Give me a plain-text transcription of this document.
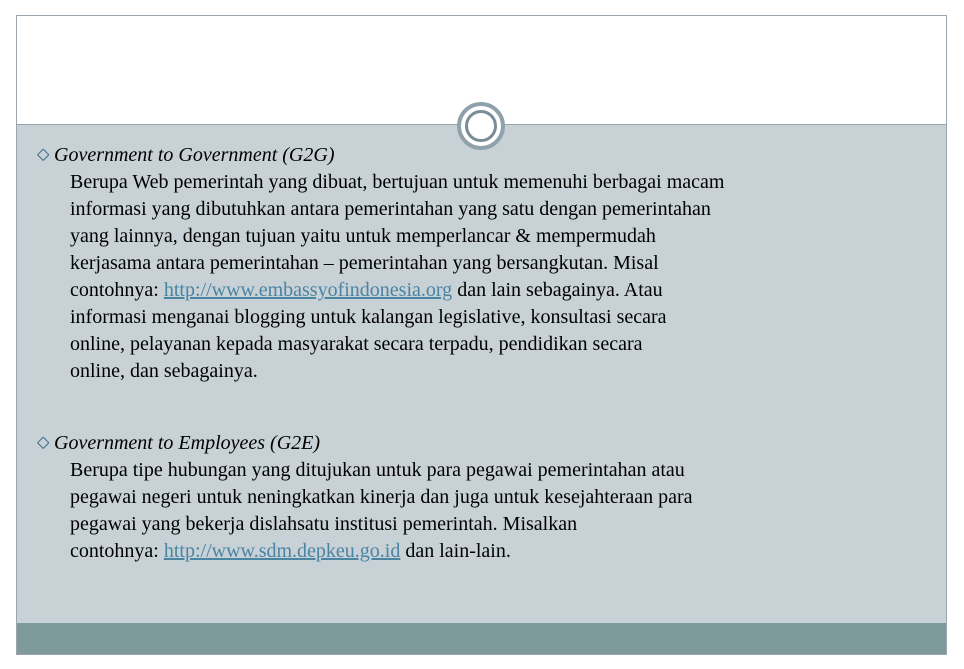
Government to Government (G2G)
Berupa Web pemerintah yang dibuat, bertujuan untuk memenuhi berbagai macam
informasi yang dibutuhkan antara pemerintahan yang satu dengan pemerintahan
yang lainnya, dengan tujuan yaitu untuk memperlancar & mempermudah
kerjasama antara pemerintahan – pemerintahan yang bersangkutan. Misal
contohnya: http://www.embassyofindonesia.org dan lain sebagainya. Atau
informasi menganai blogging untuk kalangan legislative, konsultasi secara
online, pelayanan kepada masyarakat secara terpadu, pendidikan secara
online, dan sebagainya.
Government to Employees (G2E)
Berupa tipe hubungan yang ditujukan untuk para pegawai pemerintahan atau
pegawai negeri untuk neningkatkan kinerja dan juga untuk kesejahteraan para
pegawai yang bekerja dislahsatu institusi pemerintah. Misalkan
contohnya: http://www.sdm.depkeu.go.id dan lain-lain.
